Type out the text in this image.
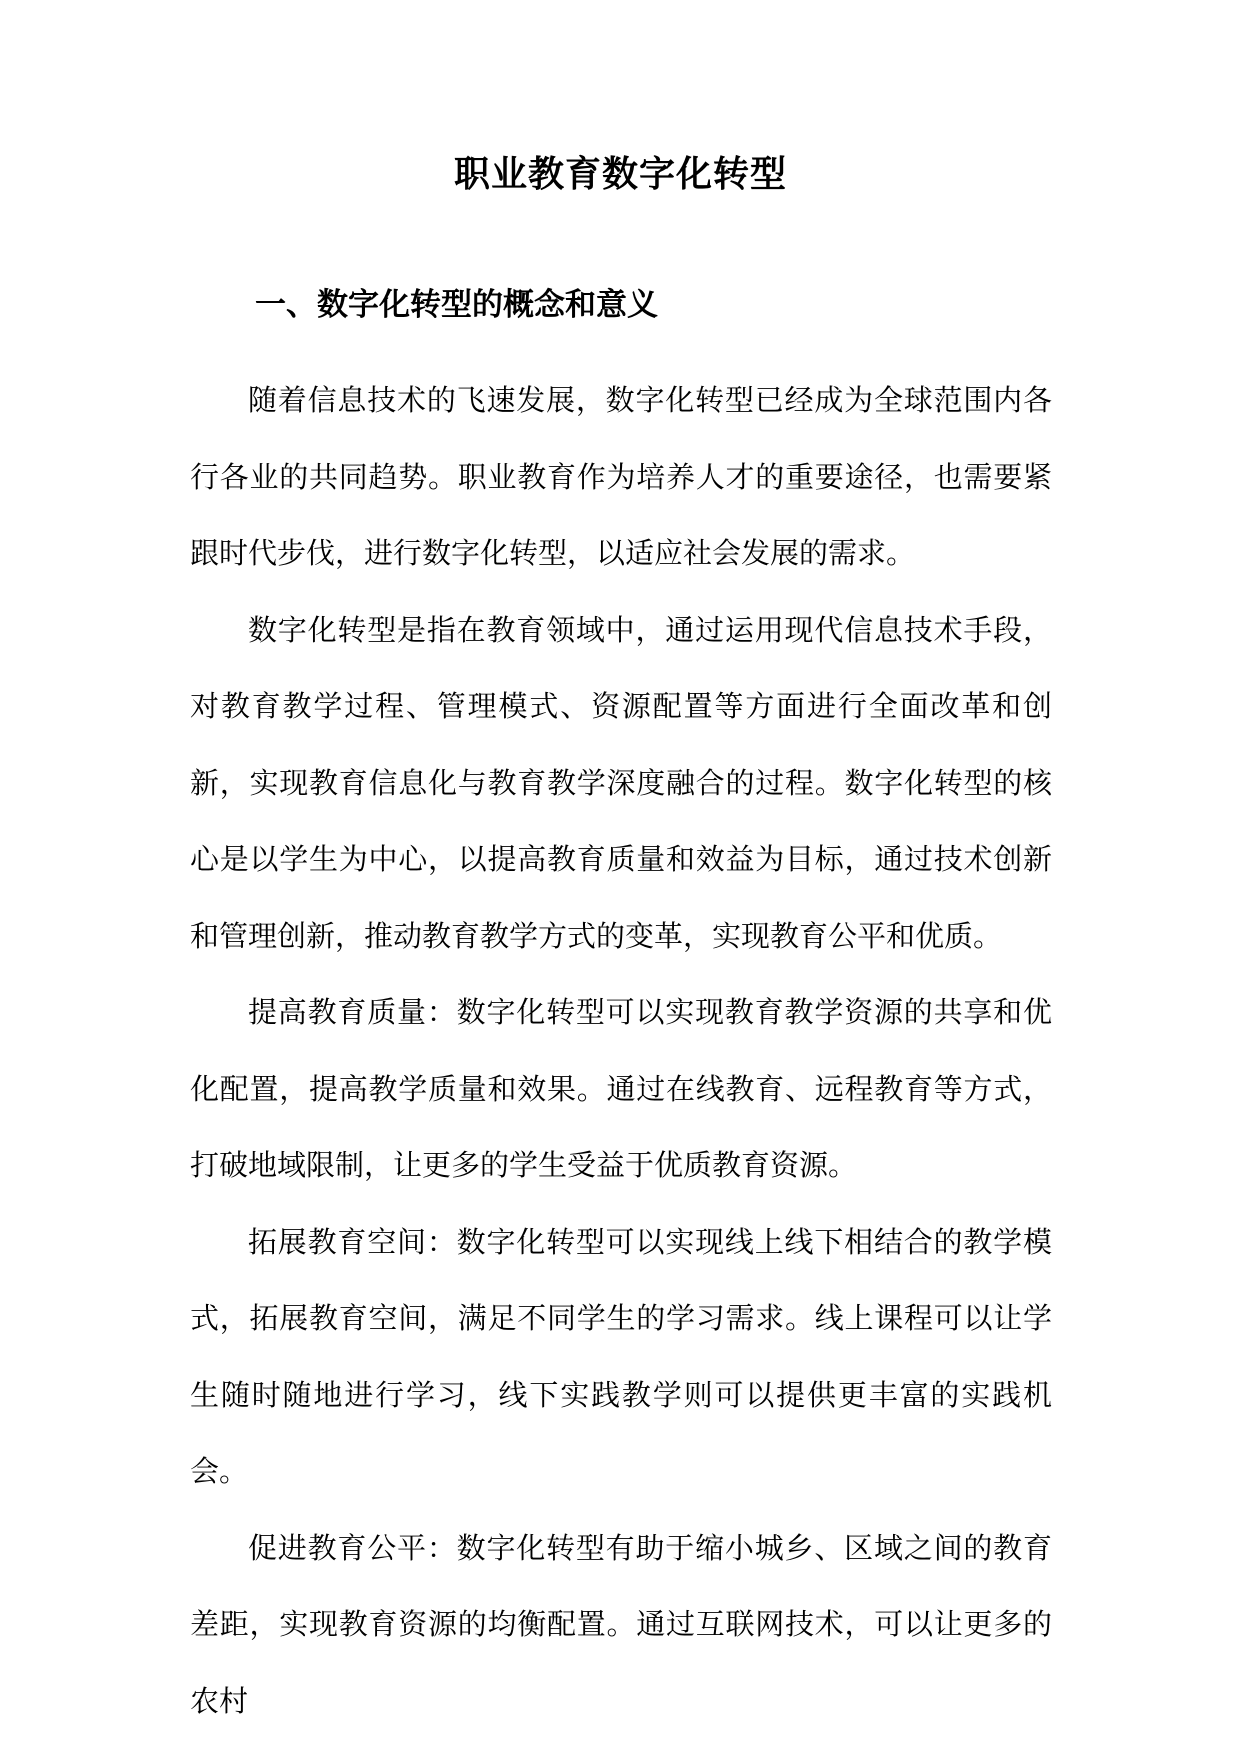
职业教育数字化转型
一、数字化转型的概念和意义

随着信息技术的飞速发展，数字化转型已经成为全球范围内各行各业的共同趋势。职业教育作为培养人才的重要途径，也需要紧跟时代步伐，进行数字化转型，以适应社会发展的需求。

数字化转型是指在教育领域中，通过运用现代信息技术手段，对教育教学过程、管理模式、资源配置等方面进行全面改革和创新，实现教育信息化与教育教学深度融合的过程。数字化转型的核心是以学生为中心，以提高教育质量和效益为目标，通过技术创新和管理创新，推动教育教学方式的变革，实现教育公平和优质。

提高教育质量：数字化转型可以实现教育教学资源的共享和优化配置，提高教学质量和效果。通过在线教育、远程教育等方式，打破地域限制，让更多的学生受益于优质教育资源。

拓展教育空间：数字化转型可以实现线上线下相结合的教学模式，拓展教育空间，满足不同学生的学习需求。线上课程可以让学生随时随地进行学习，线下实践教学则可以提供更丰富的实践机会。

促进教育公平：数字化转型有助于缩小城乡、区域之间的教育差距，实现教育资源的均衡配置。通过互联网技术，可以让更多的农村
